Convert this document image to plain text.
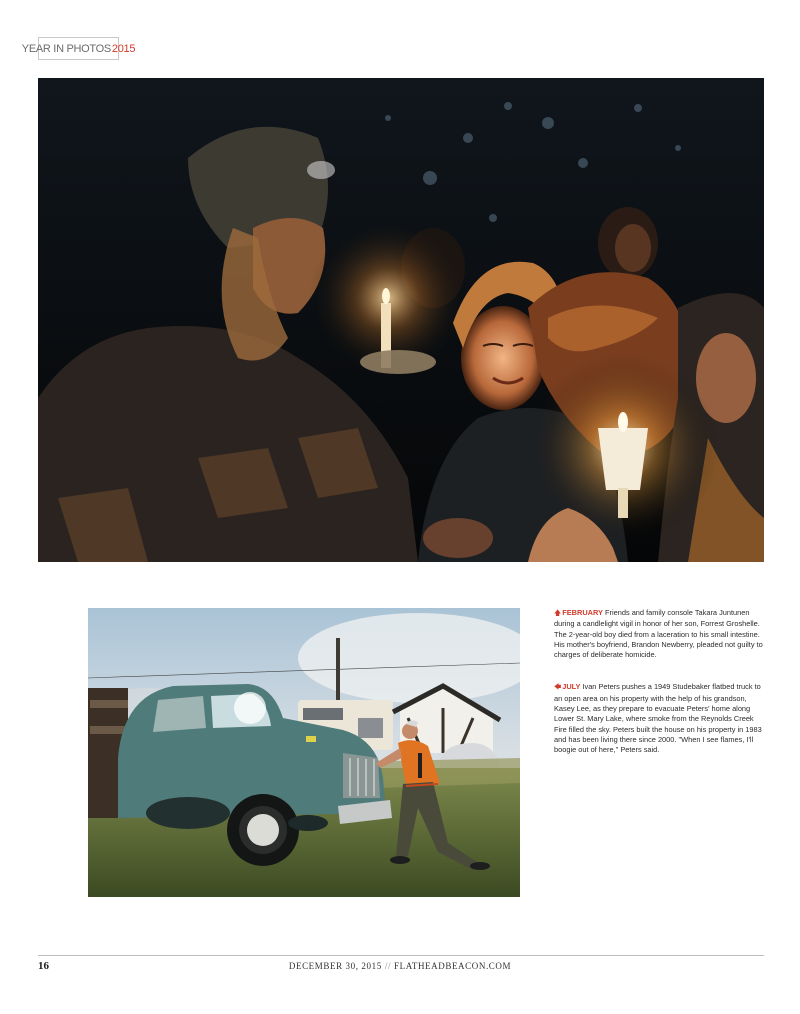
YEAR IN PHOTOS 2015

🡅FEBRUARY Friends and family console Takara Juntunen during a candlelight vigil in honor of her son, Forrest Groshelle. The 2-year-old boy died from a laceration to his small intestine. His mother's boyfriend, Brandon Newberry, pleaded not guilty to charges of deliberate homicide.

🡄JULY Ivan Peters pushes a 1949 Studebaker flatbed truck to an open area on his property with the help of his grandson, Kasey Lee, as they prepare to evacuate Peters' home along Lower St. Mary Lake, where smoke from the Reynolds Creek Fire filled the sky. Peters built the house on his property in 1983 and has been living there since 2000. "When I see flames, I'll boogie out of here," Peters said.

16	DECEMBER 30, 2015 // FLATHEADBEACON.COM
